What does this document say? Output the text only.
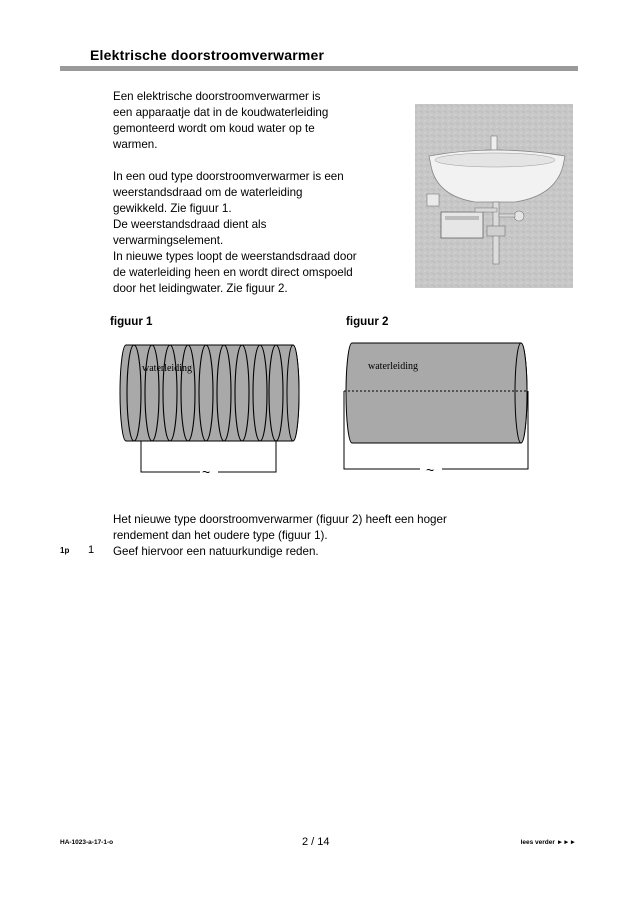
Elektrische doorstroomverwarmer

Een elektrische doorstroomverwarmer is
een apparaatje dat in de koudwaterleiding
gemonteerd wordt om koud water op te
warmen.

In een oud type doorstroomverwarmer is een
weerstandsdraad om de waterleiding
gewikkeld. Zie figuur 1.
De weerstandsdraad dient als
verwarmingselement.
In nieuwe types loopt de weerstandsdraad door
de waterleiding heen en wordt direct omspoeld
door het leidingwater. Zie figuur 2.

figuur 1	figuur 2
waterleiding
~
waterleiding
~
Het nieuwe type doorstroomverwarmer (figuur 2) heeft een hoger
rendement dan het oudere type (figuur 1).
Geef hiervoor een natuurkundige reden.
1p 1
HA-1023-a-17-1-o	2 / 14	lees verder ►►►
